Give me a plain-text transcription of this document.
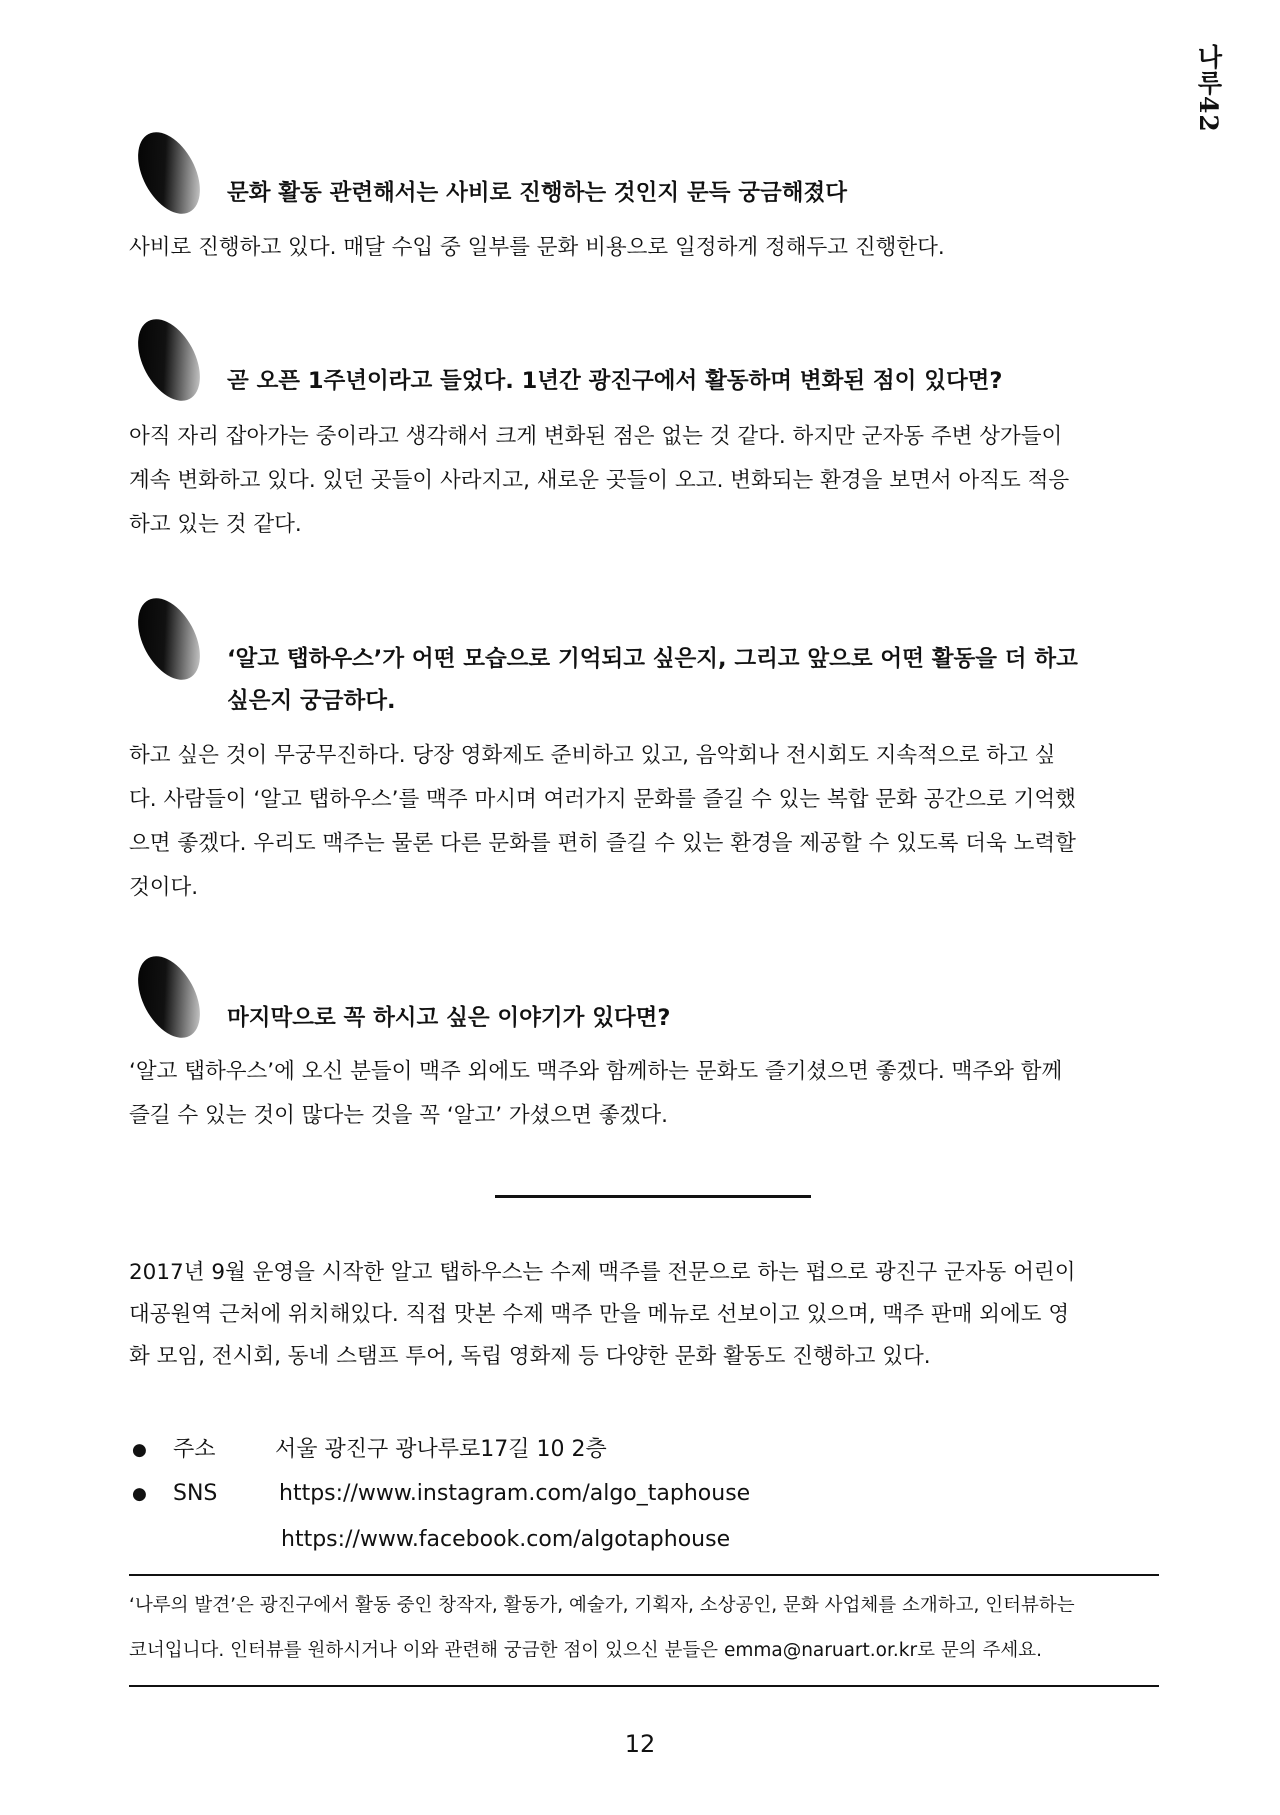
나루42

문화 활동 관련해서는 사비로 진행하는 것인지 문득 궁금해졌다

사비로 진행하고 있다. 매달 수입 중 일부를 문화 비용으로 일정하게 정해두고 진행한다.

곧 오픈 1주년이라고 들었다. 1년간 광진구에서 활동하며 변화된 점이 있다면?

아직 자리 잡아가는 중이라고 생각해서 크게 변화된 점은 없는 것 같다. 하지만 군자동 주변 상가들이
계속 변화하고 있다. 있던 곳들이 사라지고, 새로운 곳들이 오고. 변화되는 환경을 보면서 아직도 적응
하고 있는 것 같다.

‘알고 탭하우스’가 어떤 모습으로 기억되고 싶은지, 그리고 앞으로 어떤 활동을 더 하고
싶은지 궁금하다.

하고 싶은 것이 무궁무진하다. 당장 영화제도 준비하고 있고, 음악회나 전시회도 지속적으로 하고 싶
다. 사람들이 ‘알고 탭하우스’를 맥주 마시며 여러가지 문화를 즐길 수 있는 복합 문화 공간으로 기억했
으면 좋겠다. 우리도 맥주는 물론 다른 문화를 편히 즐길 수 있는 환경을 제공할 수 있도록 더욱 노력할
것이다.

마지막으로 꼭 하시고 싶은 이야기가 있다면?

‘알고 탭하우스’에 오신 분들이 맥주 외에도 맥주와 함께하는 문화도 즐기셨으면 좋겠다. 맥주와 함께
즐길 수 있는 것이 많다는 것을 꼭 ‘알고’ 가셨으면 좋겠다.

2017년 9월 운영을 시작한 알고 탭하우스는 수제 맥주를 전문으로 하는 펍으로 광진구 군자동 어린이
대공원역 근처에 위치해있다. 직접 맛본 수제 맥주 만을 메뉴로 선보이고 있으며, 맥주 판매 외에도 영
화 모임, 전시회, 동네 스탬프 투어, 독립 영화제 등 다양한 문화 활동도 진행하고 있다.

● 주소	서울 광진구 광나루로17길 10 2층
● SNS	https://www.instagram.com/algo_taphouse
https://www.facebook.com/algotaphouse

‘나루의 발견’은 광진구에서 활동 중인 창작자, 활동가, 예술가, 기획자, 소상공인, 문화 사업체를 소개하고, 인터뷰하는
코너입니다. 인터뷰를 원하시거나 이와 관련해 궁금한 점이 있으신 분들은 emma@naruart.or.kr로 문의 주세요.

12
